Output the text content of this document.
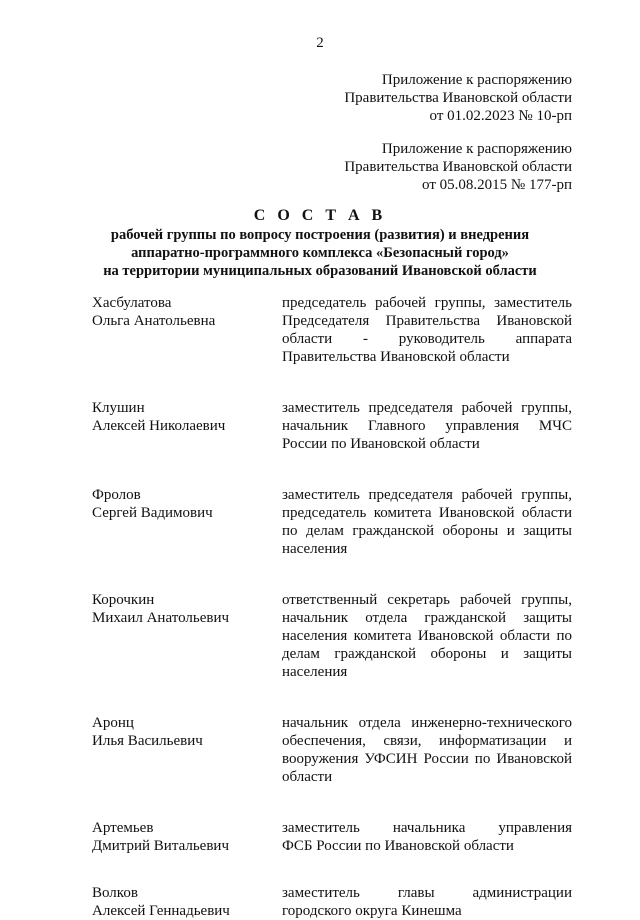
2
Приложение к распоряжению
Правительства Ивановской области
от 01.02.2023 № 10-рп
Приложение к распоряжению
Правительства Ивановской области
от 05.08.2015 № 177-рп
С О С Т А В
рабочей группы по вопросу построения (развития) и внедрения
аппаратно-программного комплекса «Безопасный город»
на территории муниципальных образований Ивановской области
Хасбулатова
Ольга Анатольевна
председатель рабочей группы, заместитель
Председателя Правительства Ивановской
области - руководитель аппарата
Правительства Ивановской области
Клушин
Алексей Николаевич
заместитель председателя рабочей группы,
начальник Главного управления МЧС
России по Ивановской области
Фролов
Сергей Вадимович
заместитель председателя рабочей группы,
председатель комитета Ивановской области
по делам гражданской обороны и защиты
населения
Корочкин
Михаил Анатольевич
ответственный секретарь рабочей группы,
начальник отдела гражданской защиты
населения комитета Ивановской области по
делам гражданской обороны и защиты
населения
Аронц
Илья Васильевич
начальник отдела инженерно-технического
обеспечения, связи, информатизации и
вооружения УФСИН России по Ивановской
области
Артемьев
Дмитрий Витальевич
заместитель начальника управления
ФСБ России по Ивановской области
Волков
Алексей Геннадьевич
заместитель главы администрации
городского округа Кинешма
